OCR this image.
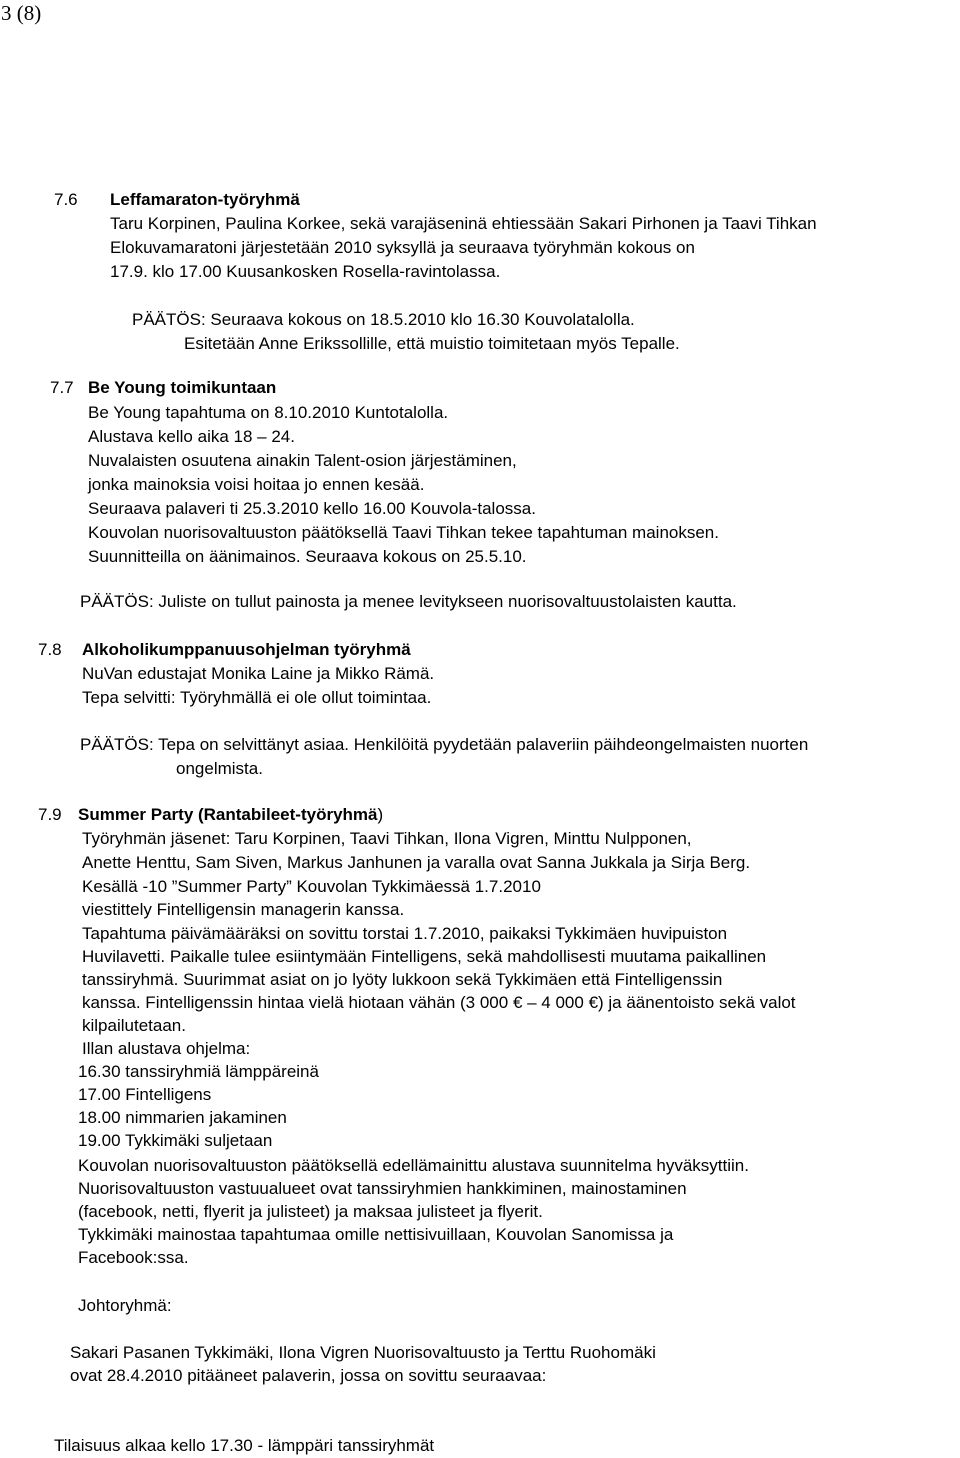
3 (8)
7.6 Leffamaraton-työryhmä
Taru Korpinen, Paulina Korkee, sekä varajäseninä ehtiessään Sakari Pirhonen ja Taavi Tihkan
Elokuvamaratoni järjestetään 2010 syksyllä ja seuraava työryhmän kokous on
17.9. klo 17.00 Kuusankosken Rosella-ravintolassa.
PÄÄTÖS: Seuraava kokous on 18.5.2010 klo 16.30 Kouvolatalolla.
Esitetään Anne Erikssollille, että muistio toimitetaan myös Tepalle.
7.7 Be Young toimikuntaan
Be Young tapahtuma on 8.10.2010 Kuntotalolla.
Alustava kello aika 18 – 24.
Nuvalaisten osuutena ainakin Talent-osion järjestäminen,
jonka mainoksia voisi hoitaa jo ennen kesää.
Seuraava palaveri ti 25.3.2010 kello 16.00 Kouvola-talossa.
Kouvolan nuorisovaltuuston päätöksellä Taavi Tihkan tekee tapahtuman mainoksen.
Suunnitteilla on äänimainos. Seuraava kokous on 25.5.10.
PÄÄTÖS: Juliste on tullut painosta ja menee levitykseen nuorisovaltuustolaisten kautta.
7.8 Alkoholikumppanuusohjelman työryhmä
NuVan edustajat Monika Laine ja Mikko Rämä.
Tepa selvitti: Työryhmällä ei ole ollut toimintaa.
PÄÄTÖS: Tepa on selvittänyt asiaa. Henkilöitä pyydetään palaveriin päihdeongelmaisten nuorten
ongelmista.
7.9 Summer Party (Rantabileet-työryhmä)
Työryhmän jäsenet: Taru Korpinen, Taavi Tihkan, Ilona Vigren, Minttu Nulpponen,
Anette Henttu, Sam Siven, Markus Janhunen ja varalla ovat Sanna Jukkala ja Sirja Berg.
Kesällä -10 ”Summer Party” Kouvolan Tykkimäessä 1.7.2010
viestittely Fintelligensin managerin kanssa.
Tapahtuma päivämääräksi on sovittu torstai 1.7.2010, paikaksi Tykkimäen huvipuiston
Huvilavetti. Paikalle tulee esiintymään Fintelligens, sekä mahdollisesti muutama paikallinen
tanssiryhmä. Suurimmat asiat on jo lyöty lukkoon sekä Tykkimäen että Fintelligenssin
kanssa. Fintelligenssin hintaa vielä hiotaan vähän (3 000 € – 4 000 €) ja äänentoisto sekä valot
kilpailutetaan.
Illan alustava ohjelma:
16.30 tanssiryhmiä lämppäreinä
17.00 Fintelligens
18.00 nimmarien jakaminen
19.00 Tykkimäki suljetaan
Kouvolan nuorisovaltuuston päätöksellä edellämainittu alustava suunnitelma hyväksyttiin.
Nuorisovaltuuston vastuualueet ovat tanssiryhmien hankkiminen, mainostaminen
(facebook, netti, flyerit ja julisteet) ja maksaa julisteet ja flyerit.
Tykkimäki mainostaa tapahtumaa omille nettisivuillaan, Kouvolan Sanomissa ja
Facebook:ssa.
Johtoryhmä:
Sakari Pasanen Tykkimäki, Ilona Vigren Nuorisovaltuusto ja Terttu Ruohomäki
ovat 28.4.2010 pitääneet palaverin, jossa on sovittu seuraavaa:
Tilaisuus alkaa kello 17.30 - lämppäri tanssiryhmät
